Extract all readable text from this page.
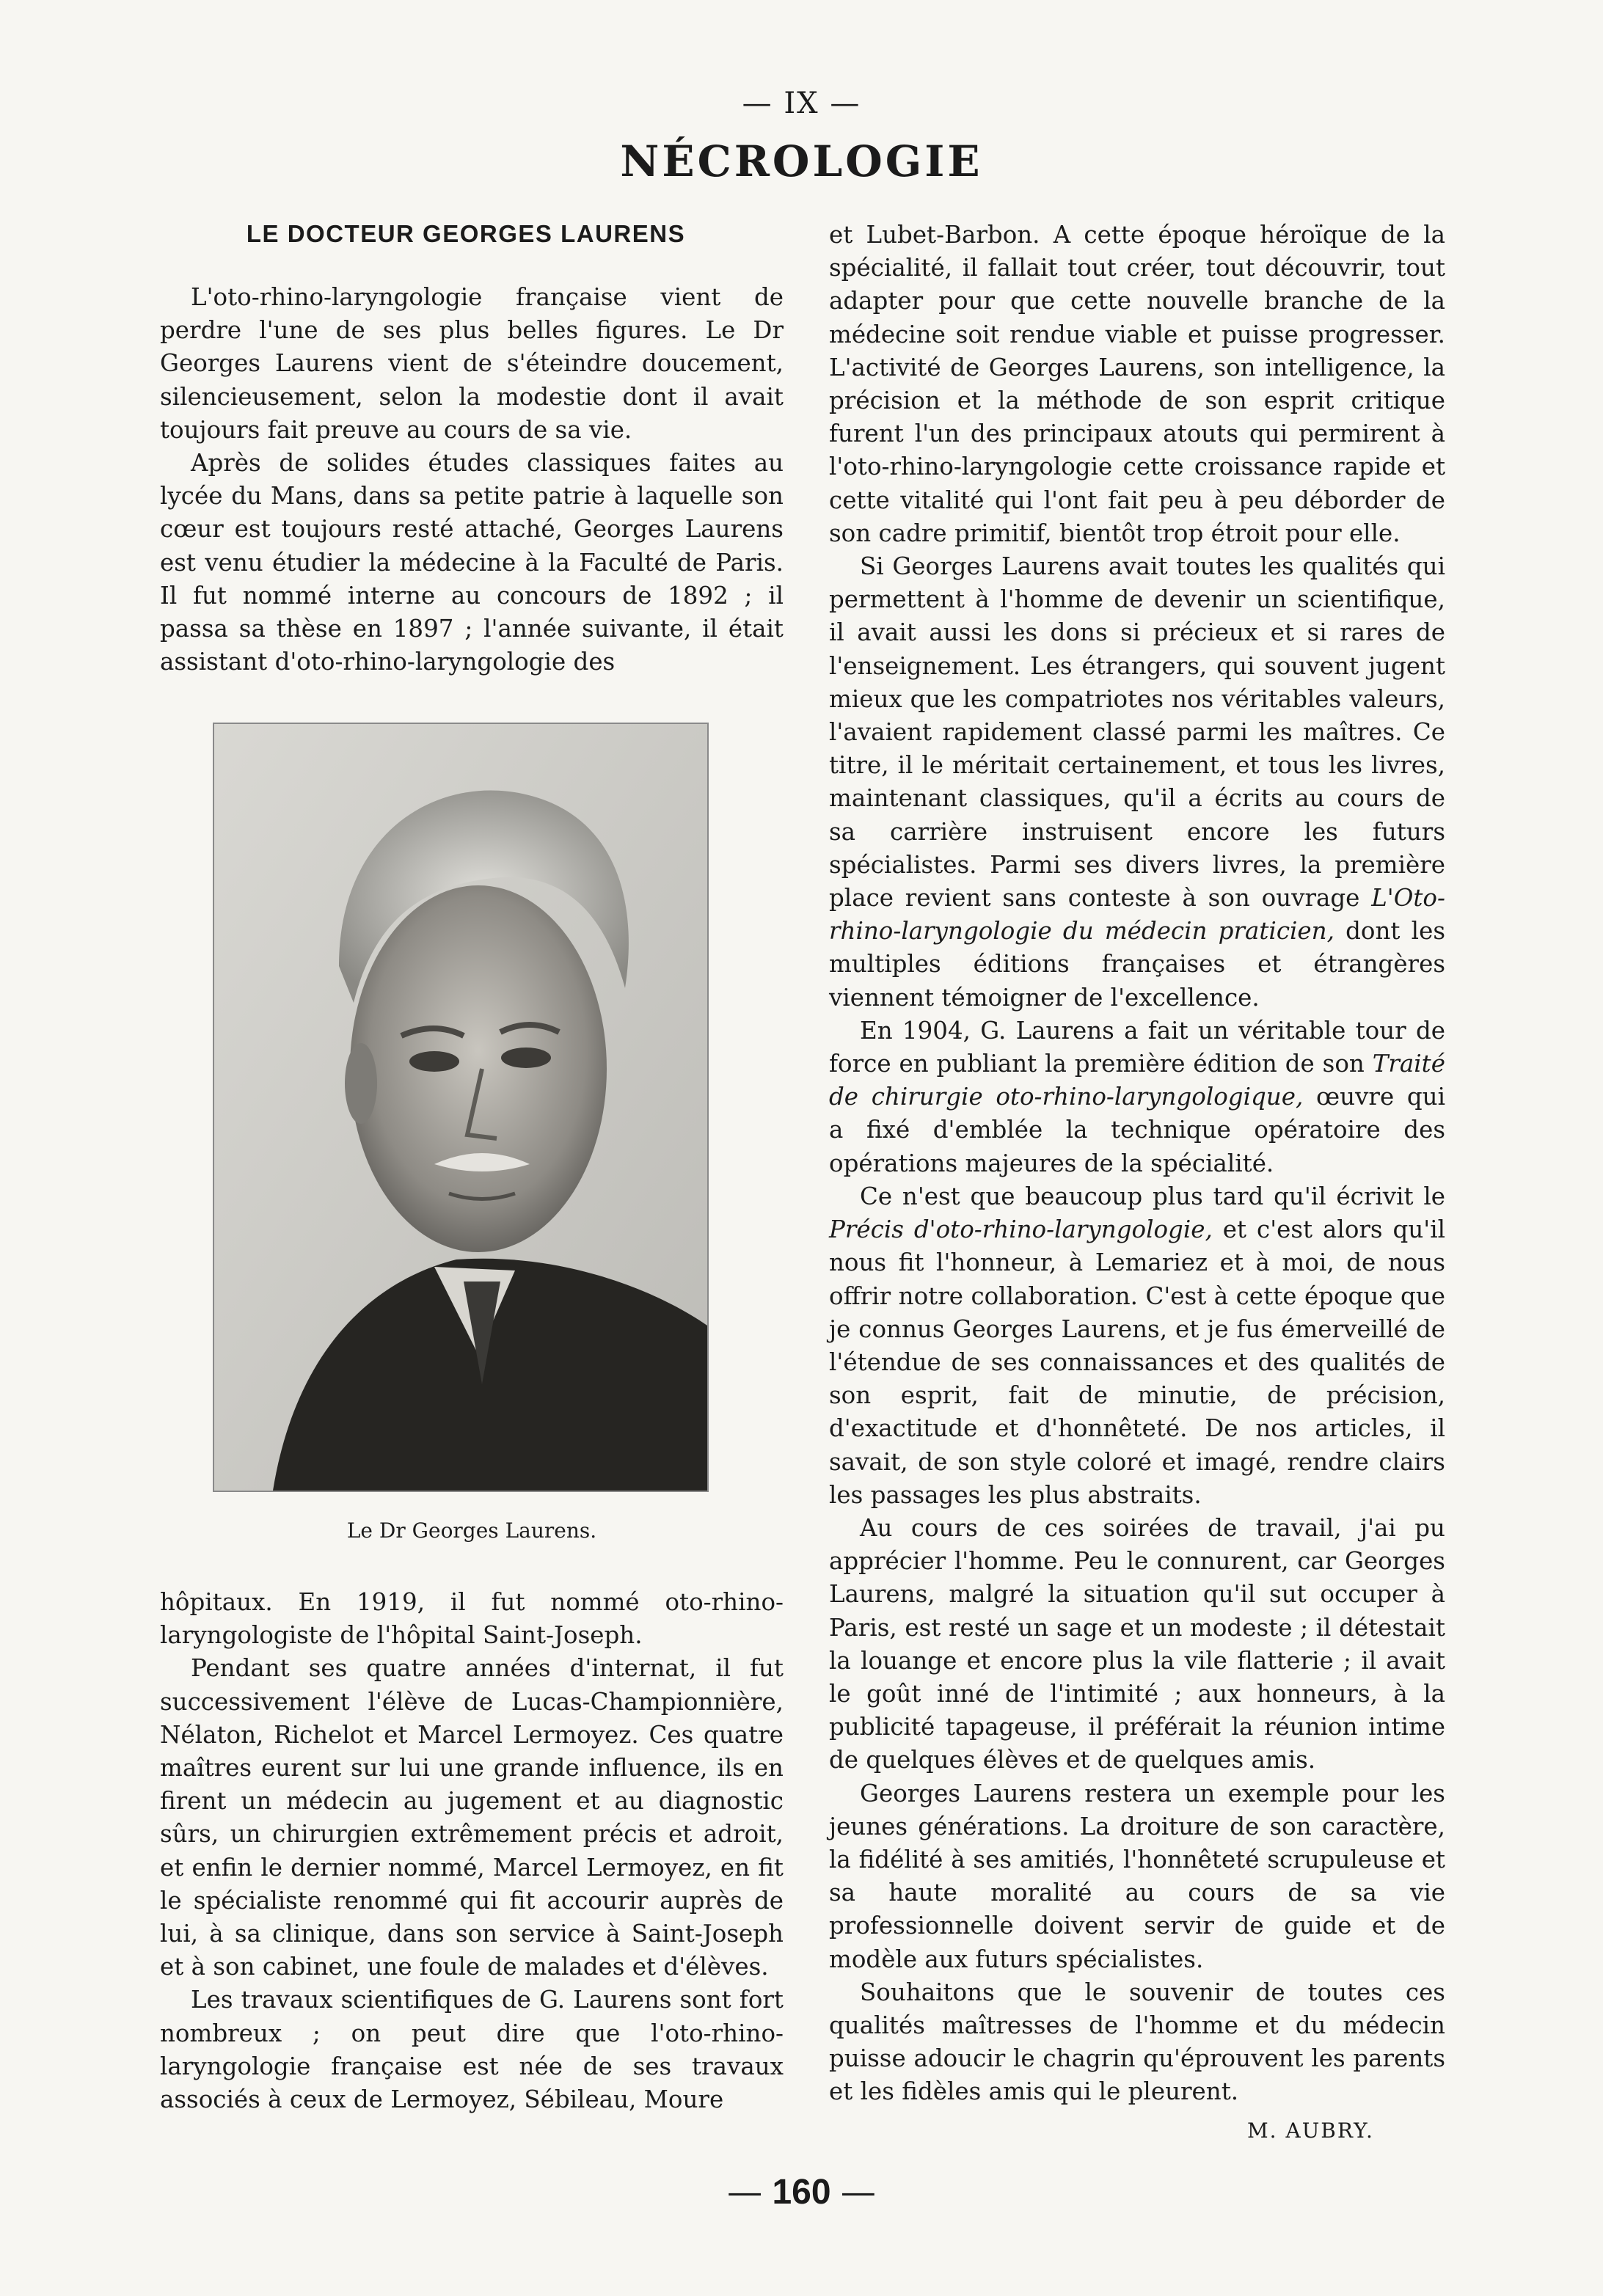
— IX —
NÉCROLOGIE
LE DOCTEUR GEORGES LAURENS

L'oto-rhino-laryngologie française vient de perdre l'une de ses plus belles figures. Le Dr Georges Laurens vient de s'éteindre doucement, silencieusement, selon la modestie dont il avait toujours fait preuve au cours de sa vie.

Après de solides études classiques faites au lycée du Mans, dans sa petite patrie à laquelle son cœur est toujours resté attaché, Georges Laurens est venu étudier la médecine à la Faculté de Paris. Il fut nommé interne au concours de 1892 ; il passa sa thèse en 1897 ; l'année suivante, il était assistant d'oto-rhino-laryngologie des

Le Dr Georges Laurens.

hôpitaux. En 1919, il fut nommé oto-rhino-laryngologiste de l'hôpital Saint-Joseph.

Pendant ses quatre années d'internat, il fut successivement l'élève de Lucas-Championnière, Nélaton, Richelot et Marcel Lermoyez. Ces quatre maîtres eurent sur lui une grande influence, ils en firent un médecin au jugement et au diagnostic sûrs, un chirurgien extrêmement précis et adroit, et enfin le dernier nommé, Marcel Lermoyez, en fit le spécialiste renommé qui fit accourir auprès de lui, à sa clinique, dans son service à Saint-Joseph et à son cabinet, une foule de malades et d'élèves.

Les travaux scientifiques de G. Laurens sont fort nombreux ; on peut dire que l'oto-rhino-laryngologie française est née de ses travaux associés à ceux de Lermoyez, Sébileau, Moure

et Lubet-Barbon. A cette époque héroïque de la spécialité, il fallait tout créer, tout découvrir, tout adapter pour que cette nouvelle branche de la médecine soit rendue viable et puisse progresser. L'activité de Georges Laurens, son intelligence, la précision et la méthode de son esprit critique furent l'un des principaux atouts qui permirent à l'oto-rhino-laryngologie cette croissance rapide et cette vitalité qui l'ont fait peu à peu déborder de son cadre primitif, bientôt trop étroit pour elle.

Si Georges Laurens avait toutes les qualités qui permettent à l'homme de devenir un scientifique, il avait aussi les dons si précieux et si rares de l'enseignement. Les étrangers, qui souvent jugent mieux que les compatriotes nos véritables valeurs, l'avaient rapidement classé parmi les maîtres. Ce titre, il le méritait certainement, et tous les livres, maintenant classiques, qu'il a écrits au cours de sa carrière instruisent encore les futurs spécialistes. Parmi ses divers livres, la première place revient sans conteste à son ouvrage L'Oto-rhino-laryngologie du médecin praticien, dont les multiples éditions françaises et étrangères viennent témoigner de l'excellence.

En 1904, G. Laurens a fait un véritable tour de force en publiant la première édition de son Traité de chirurgie oto-rhino-laryngologique, œuvre qui a fixé d'emblée la technique opératoire des opérations majeures de la spécialité.

Ce n'est que beaucoup plus tard qu'il écrivit le Précis d'oto-rhino-laryngologie, et c'est alors qu'il nous fit l'honneur, à Lemariez et à moi, de nous offrir notre collaboration. C'est à cette époque que je connus Georges Laurens, et je fus émerveillé de l'étendue de ses connaissances et des qualités de son esprit, fait de minutie, de précision, d'exactitude et d'honnêteté. De nos articles, il savait, de son style coloré et imagé, rendre clairs les passages les plus abstraits.

Au cours de ces soirées de travail, j'ai pu apprécier l'homme. Peu le connurent, car Georges Laurens, malgré la situation qu'il sut occuper à Paris, est resté un sage et un modeste ; il détestait la louange et encore plus la vile flatterie ; il avait le goût inné de l'intimité ; aux honneurs, à la publicité tapageuse, il préférait la réunion intime de quelques élèves et de quelques amis.

Georges Laurens restera un exemple pour les jeunes générations. La droiture de son caractère, la fidélité à ses amitiés, l'honnêteté scrupuleuse et sa haute moralité au cours de sa vie professionnelle doivent servir de guide et de modèle aux futurs spécialistes.

Souhaitons que le souvenir de toutes ces qualités maîtresses de l'homme et du médecin puisse adoucir le chagrin qu'éprouvent les parents et les fidèles amis qui le pleurent.

M. AUBRY.
— 160 —
